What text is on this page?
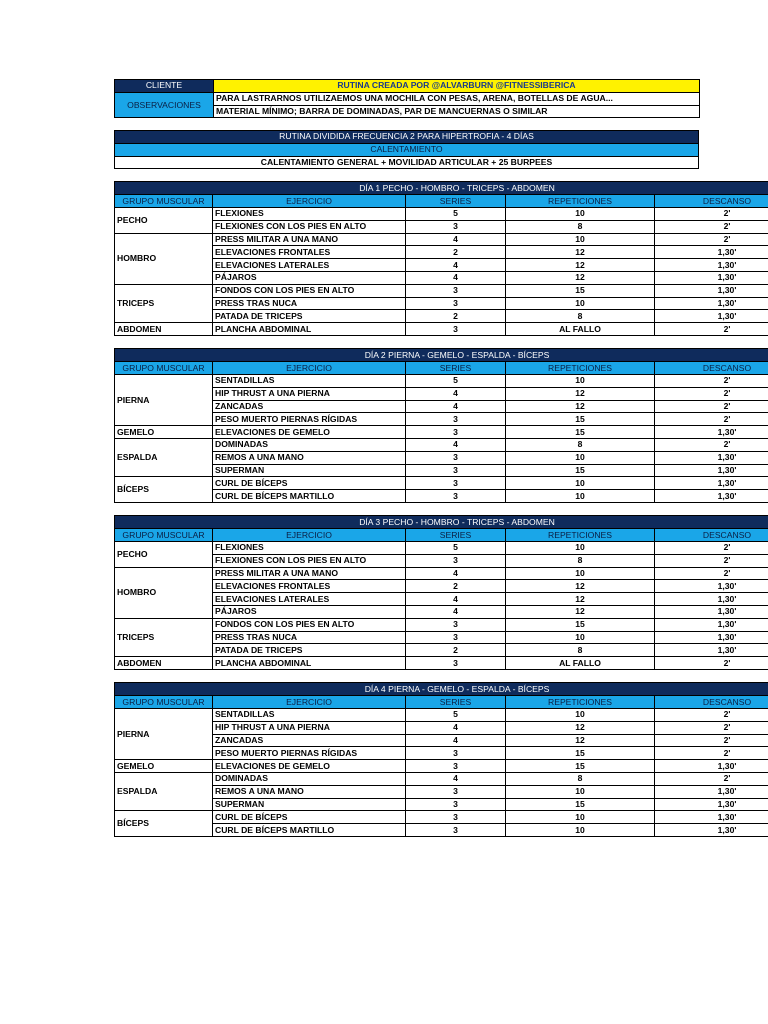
CLIENTE	RUTINA CREADA POR @ALVARBURN @FITNESSIBERICA
OBSERVACIONES	PARA LASTRARNOS UTILIZAEMOS UNA MOCHILA CON PESAS, ARENA, BOTELLAS DE AGUA...
	MATERIAL MÍNIMO; BARRA DE DOMINADAS, PAR DE MANCUERNAS O SIMILAR
RUTINA DIVIDIDA FRECUENCIA 2 PARA HIPERTROFIA - 4 DÍAS
CALENTAMIENTO
CALENTAMIENTO GENERAL + MOVILIDAD ARTICULAR + 25 BURPEES
DÍA 1 PECHO - HOMBRO - TRICEPS - ABDOMEN				
GRUPO MUSCULAR	EJERCICIO	SERIES	REPETICIONES	DESCANSO
PECHO	FLEXIONES	5	10	2'
	FLEXIONES CON LOS PIES EN ALTO	3	8	2'
HOMBRO	PRESS MILITAR A UNA MANO	4	10	2'
	ELEVACIONES FRONTALES	2	12	1,30'
	ELEVACIONES LATERALES	4	12	1,30'
	PÁJAROS	4	12	1,30'
TRICEPS	FONDOS CON LOS PIES EN ALTO	3	15	1,30'
	PRESS TRAS NUCA	3	10	1,30'
	PATADA DE TRICEPS	2	8	1,30'
ABDOMEN	PLANCHA ABDOMINAL	3	AL FALLO	2'
DÍA 2 PIERNA - GEMELO - ESPALDA - BÍCEPS				
GRUPO MUSCULAR	EJERCICIO	SERIES	REPETICIONES	DESCANSO
PIERNA	SENTADILLAS	5	10	2'
	HIP THRUST A UNA PIERNA	4	12	2'
	ZANCADAS	4	12	2'
	PESO MUERTO PIERNAS RÍGIDAS	3	15	2'
GEMELO	ELEVACIONES DE GEMELO	3	15	1,30'
ESPALDA	DOMINADAS	4	8	2'
	REMOS A UNA MANO	3	10	1,30'
	SUPERMAN	3	15	1,30'
BÍCEPS	CURL DE BÍCEPS	3	10	1,30'
	CURL DE BÍCEPS MARTILLO	3	10	1,30'
DÍA 3 PECHO - HOMBRO - TRICEPS - ABDOMEN				
GRUPO MUSCULAR	EJERCICIO	SERIES	REPETICIONES	DESCANSO
PECHO	FLEXIONES	5	10	2'
	FLEXIONES CON LOS PIES EN ALTO	3	8	2'
HOMBRO	PRESS MILITAR A UNA MANO	4	10	2'
	ELEVACIONES FRONTALES	2	12	1,30'
	ELEVACIONES LATERALES	4	12	1,30'
	PÁJAROS	4	12	1,30'
TRICEPS	FONDOS CON LOS PIES EN ALTO	3	15	1,30'
	PRESS TRAS NUCA	3	10	1,30'
	PATADA DE TRICEPS	2	8	1,30'
ABDOMEN	PLANCHA ABDOMINAL	3	AL FALLO	2'
DÍA 4 PIERNA - GEMELO - ESPALDA - BÍCEPS				
GRUPO MUSCULAR	EJERCICIO	SERIES	REPETICIONES	DESCANSO
PIERNA	SENTADILLAS	5	10	2'
	HIP THRUST A UNA PIERNA	4	12	2'
	ZANCADAS	4	12	2'
	PESO MUERTO PIERNAS RÍGIDAS	3	15	2'
GEMELO	ELEVACIONES DE GEMELO	3	15	1,30'
ESPALDA	DOMINADAS	4	8	2'
	REMOS A UNA MANO	3	10	1,30'
	SUPERMAN	3	15	1,30'
BÍCEPS	CURL DE BÍCEPS	3	10	1,30'
	CURL DE BÍCEPS MARTILLO	3	10	1,30'
